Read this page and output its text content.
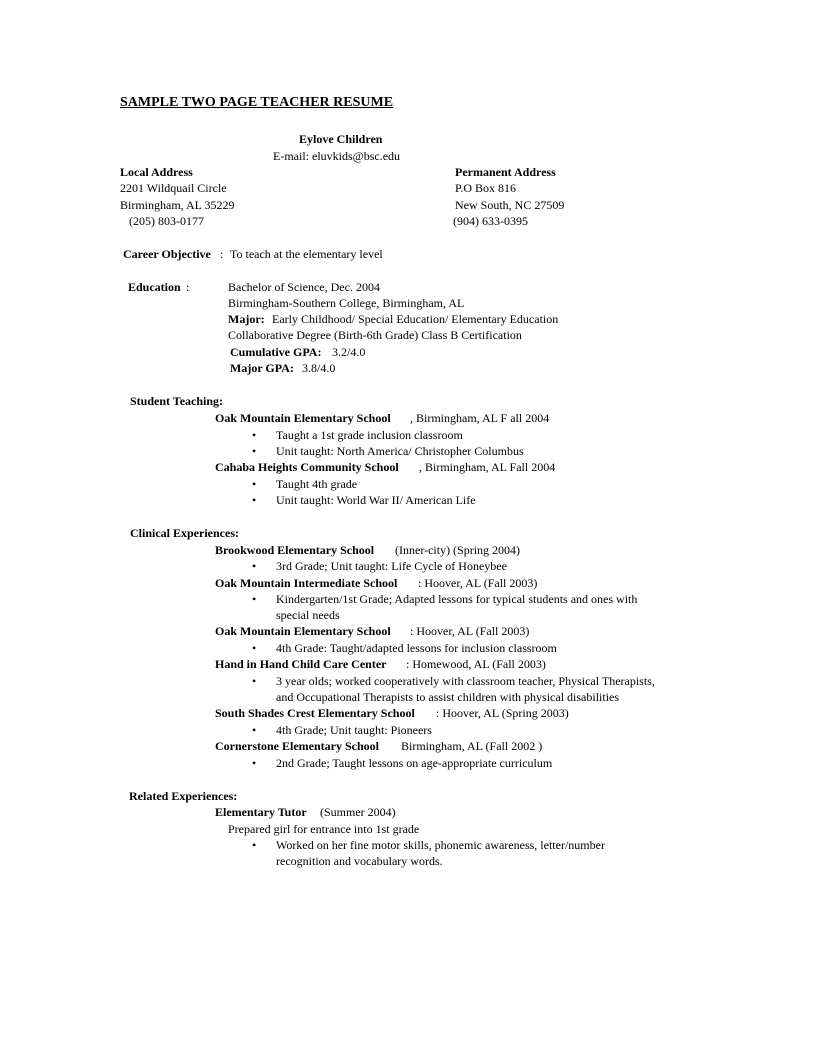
SAMPLE TWO PAGE TEACHER RESUME
Eylove Children
E-mail: eluvkids@bsc.edu
Local Address
2201 Wildquail Circle
Birmingham, AL 35229
(205) 803-0177
Permanent Address
P.O Box 816
New South, NC 27509
(904) 633-0395
Career Objective : To teach at the elementary level
Education :	Bachelor of Science, Dec. 2004
Birmingham-Southern College, Birmingham, AL
Major: Early Childhood/ Special Education/ Elementary Education
Collaborative Degree (Birth-6th Grade) Class B Certification
Cumulative GPA: 3.2/4.0
Major GPA: 3.8/4.0
Student Teaching:
Oak Mountain Elementary School , Birmingham, AL F all 2004
• Taught a 1st grade inclusion classroom
• Unit taught: North America/ Christopher Columbus
Cahaba Heights Community School , Birmingham, AL Fall 2004
• Taught 4th grade
• Unit taught: World War II/ American Life
Clinical Experiences:
Brookwood Elementary School (Inner-city) (Spring 2004)
• 3rd Grade; Unit taught: Life Cycle of Honeybee
Oak Mountain Intermediate School : Hoover, AL (Fall 2003)
• Kindergarten/1st Grade; Adapted lessons for typical students and ones with
special needs
Oak Mountain Elementary School : Hoover, AL (Fall 2003)
• 4th Grade: Taught/adapted lessons for inclusion classroom
Hand in Hand Child Care Center : Homewood, AL (Fall 2003)
• 3 year olds; worked cooperatively with classroom teacher, Physical Therapists,
and Occupational Therapists to assist children with physical disabilities
South Shades Crest Elementary School : Hoover, AL (Spring 2003)
• 4th Grade; Unit taught: Pioneers
Cornerstone Elementary School Birmingham, AL (Fall 2002 )
• 2nd Grade; Taught lessons on age-appropriate curriculum
Related Experiences:
Elementary Tutor (Summer 2004)
Prepared girl for entrance into 1st grade
• Worked on her fine motor skills, phonemic awareness, letter/number
recognition and vocabulary words.
